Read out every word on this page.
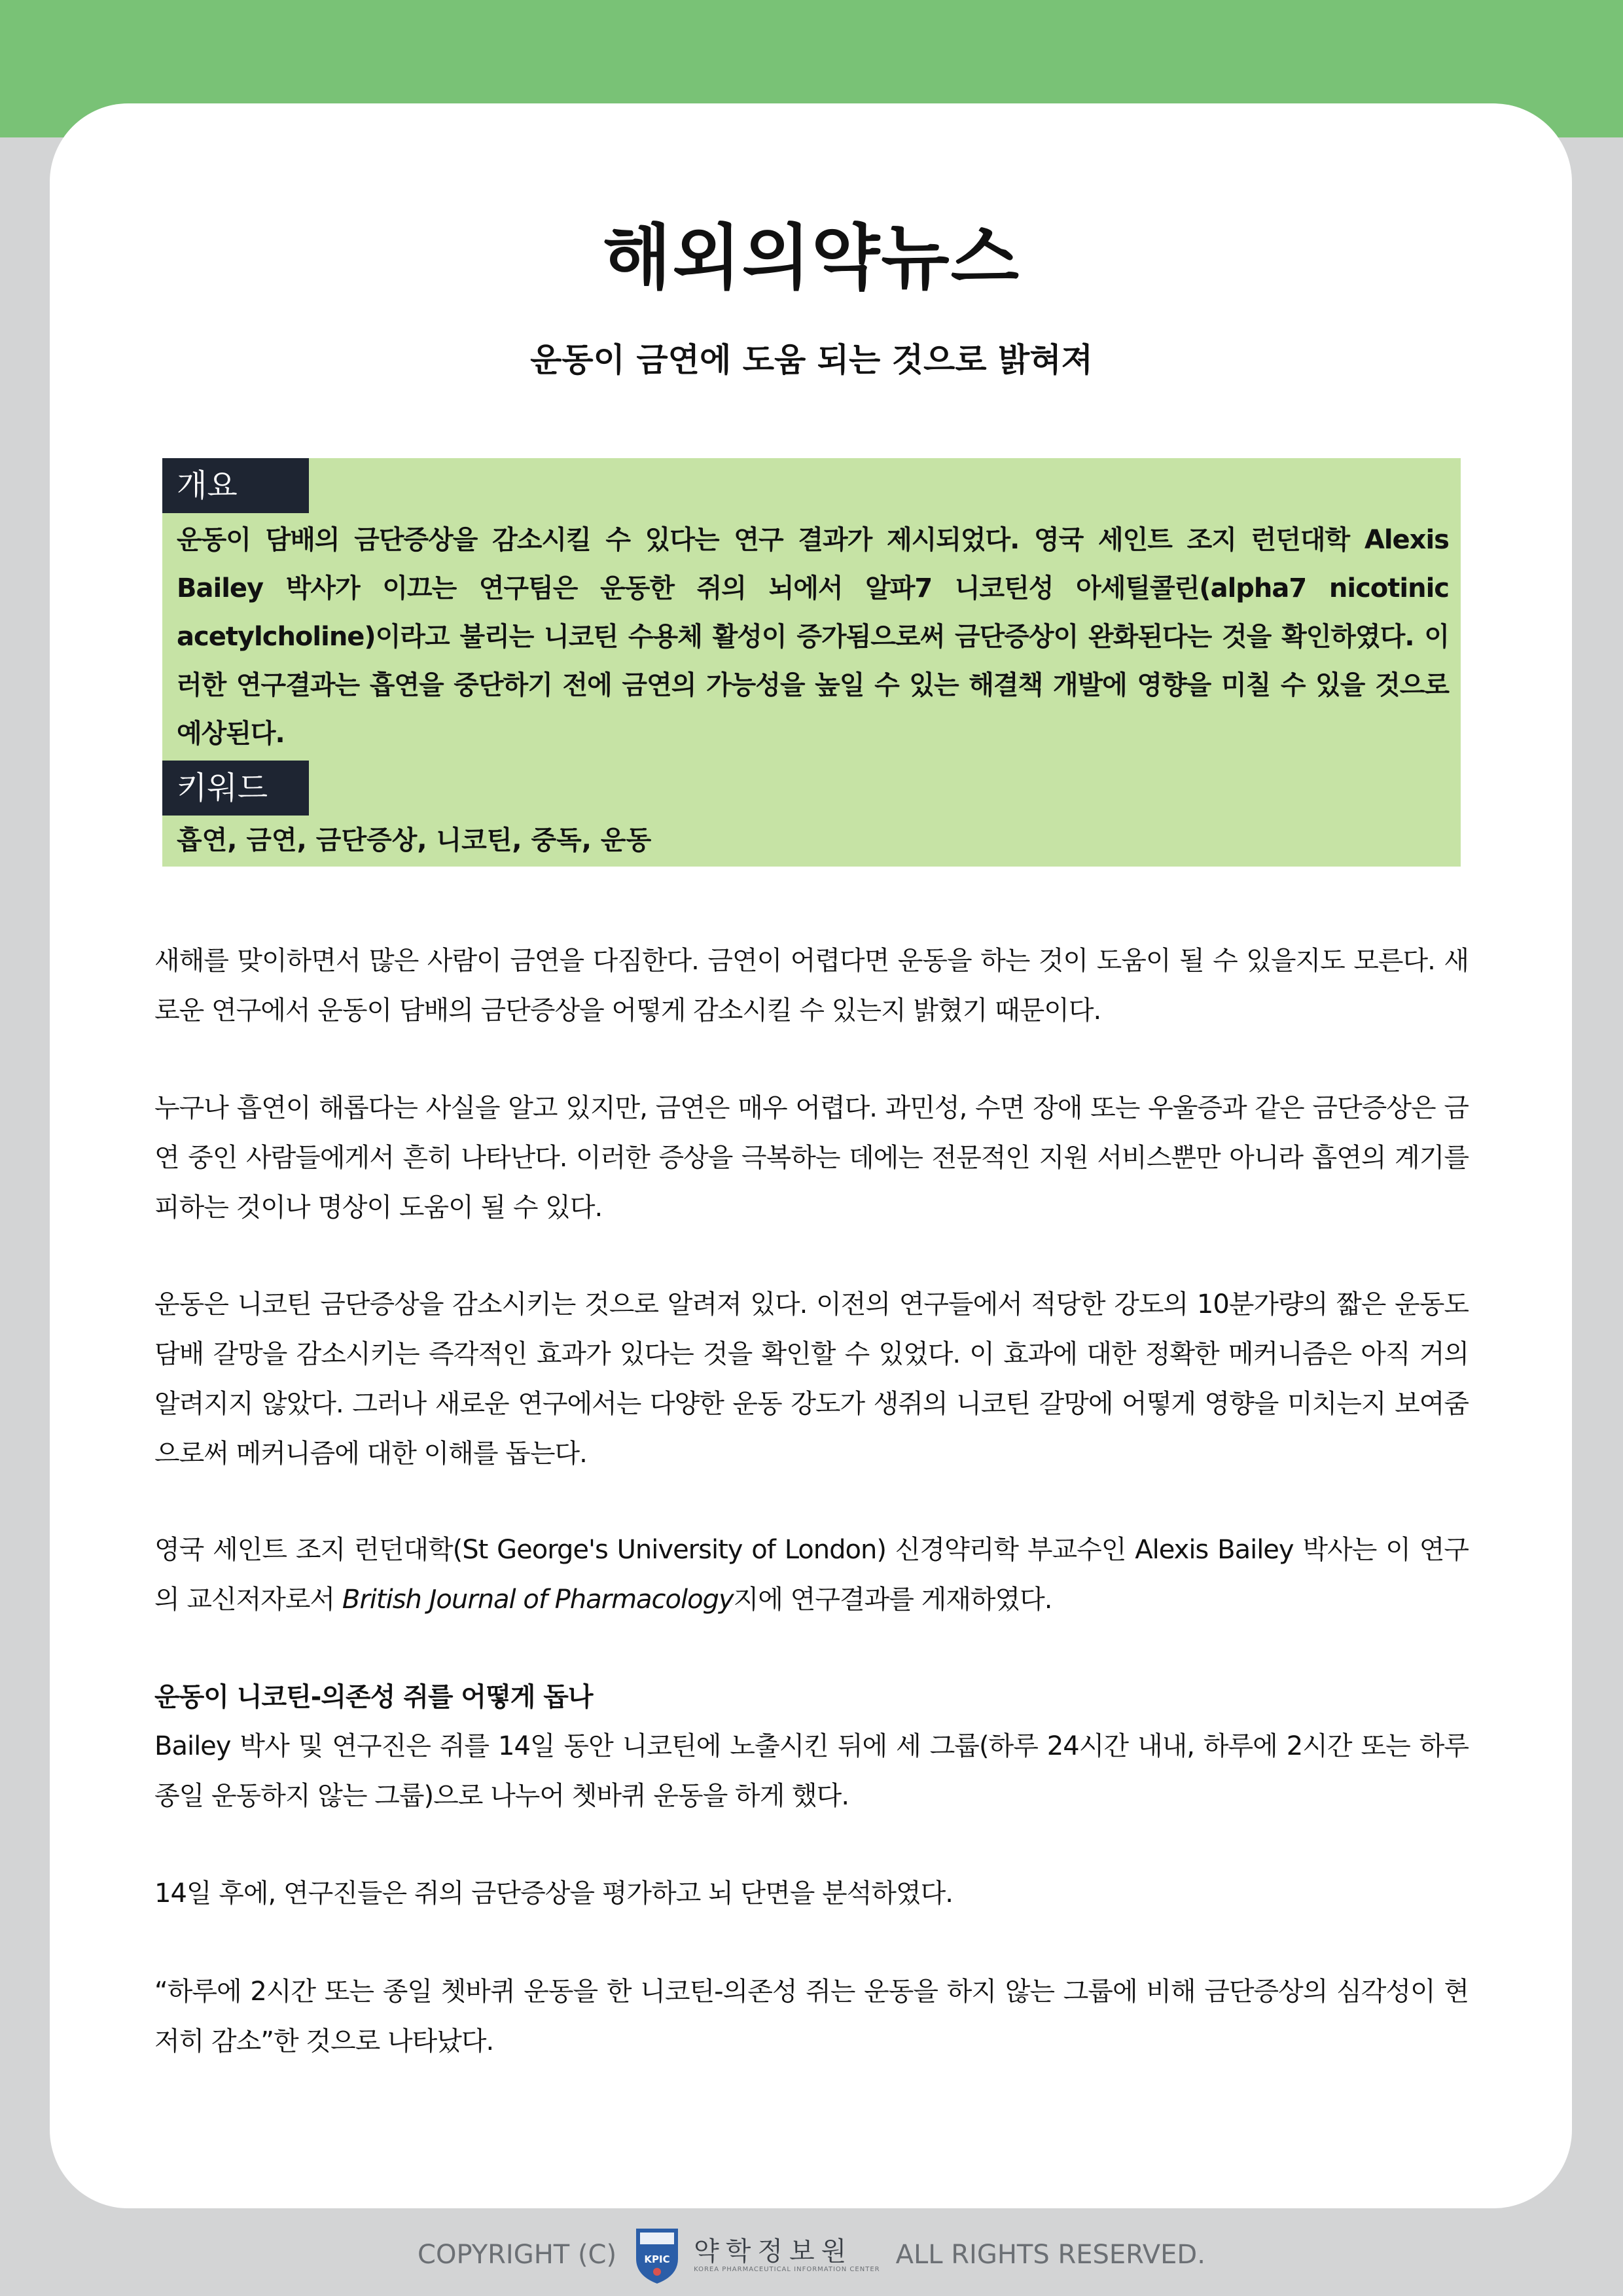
해외의약뉴스
운동이 금연에 도움 되는 것으로 밝혀져
개요
운동이 담배의 금단증상을 감소시킬 수 있다는 연구 결과가 제시되었다. 영국 세인트 조지 런던대학 Alexis Bailey 박사가 이끄는 연구팀은 운동한 쥐의 뇌에서 알파7 니코틴성 아세틸콜린(alpha7 nicotinic acetylcholine)이라고 불리는 니코틴 수용체 활성이 증가됨으로써 금단증상이 완화된다는 것을 확인하였다. 이러한 연구결과는 흡연을 중단하기 전에 금연의 가능성을 높일 수 있는 해결책 개발에 영향을 미칠 수 있을 것으로 예상된다.
키워드
흡연, 금연, 금단증상, 니코틴, 중독, 운동
새해를 맞이하면서 많은 사람이 금연을 다짐한다. 금연이 어렵다면 운동을 하는 것이 도움이 될 수 있을지도 모른다. 새로운 연구에서 운동이 담배의 금단증상을 어떻게 감소시킬 수 있는지 밝혔기 때문이다.
누구나 흡연이 해롭다는 사실을 알고 있지만, 금연은 매우 어렵다. 과민성, 수면 장애 또는 우울증과 같은 금단증상은 금연 중인 사람들에게서 흔히 나타난다. 이러한 증상을 극복하는 데에는 전문적인 지원 서비스뿐만 아니라 흡연의 계기를 피하는 것이나 명상이 도움이 될 수 있다.
운동은 니코틴 금단증상을 감소시키는 것으로 알려져 있다. 이전의 연구들에서 적당한 강도의 10분가량의 짧은 운동도 담배 갈망을 감소시키는 즉각적인 효과가 있다는 것을 확인할 수 있었다. 이 효과에 대한 정확한 메커니즘은 아직 거의 알려지지 않았다. 그러나 새로운 연구에서는 다양한 운동 강도가 생쥐의 니코틴 갈망에 어떻게 영향을 미치는지 보여줌으로써 메커니즘에 대한 이해를 돕는다.
영국 세인트 조지 런던대학(St George's University of London) 신경약리학 부교수인 Alexis Bailey 박사는 이 연구의 교신저자로서 British Journal of Pharmacology지에 연구결과를 게재하였다.
운동이 니코틴-의존성 쥐를 어떻게 돕나
Bailey 박사 및 연구진은 쥐를 14일 동안 니코틴에 노출시킨 뒤에 세 그룹(하루 24시간 내내, 하루에 2시간 또는 하루 종일 운동하지 않는 그룹)으로 나누어 쳇바퀴 운동을 하게 했다.
14일 후에, 연구진들은 쥐의 금단증상을 평가하고 뇌 단면을 분석하였다.
“하루에 2시간 또는 종일 쳇바퀴 운동을 한 니코틴-의존성 쥐는 운동을 하지 않는 그룹에 비해 금단증상의 심각성이 현저히 감소”한 것으로 나타났다.
COPYRIGHT (C)	KPIC 약학정보원
KOREA PHARMACEUTICAL INFORMATION CENTER ALL RIGHTS RESERVED.
